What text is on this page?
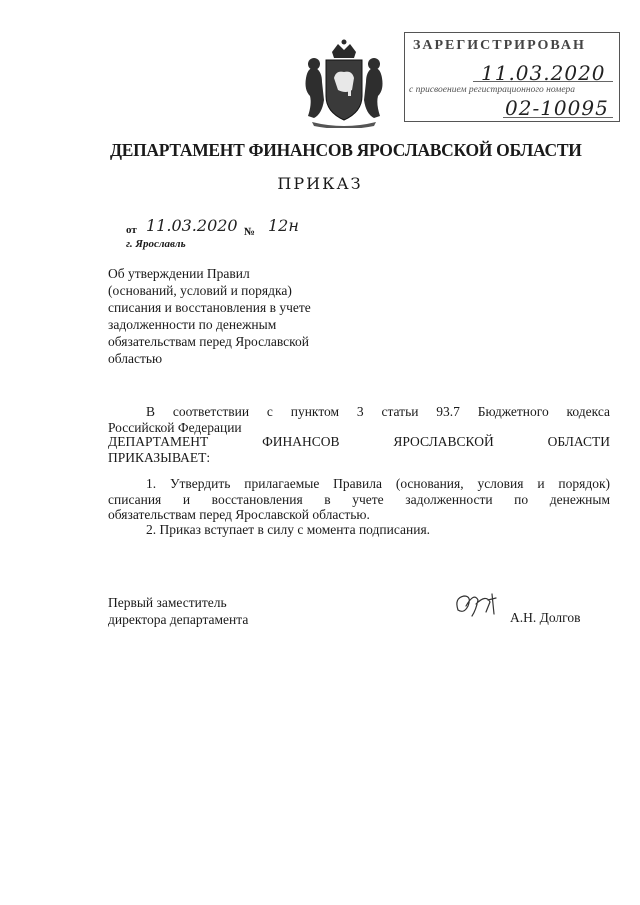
ЗАРЕГИСТРИРОВАН
11.03.2020
с присвоением регистрационного номера
02-10095
ДЕПАРТАМЕНТ ФИНАНСОВ ЯРОСЛАВСКОЙ ОБЛАСТИ
ПРИКАЗ
от 11.03.2020 № 12н
г. Ярославль
Об утверждении Правил
(оснований, условий и порядка)
списания и восстановления в учете
задолженности по денежным
обязательствам перед Ярославской
областью
В соответствии с пунктом 3 статьи 93.7 Бюджетного кодекса
Российской Федерации
ДЕПАРТАМЕНТ ФИНАНСОВ ЯРОСЛАВСКОЙ ОБЛАСТИ
ПРИКАЗЫВАЕТ:
1. Утвердить прилагаемые Правила (основания, условия и порядок)
списания и восстановления в учете задолженности по денежным
обязательствам перед Ярославской областью.
2. Приказ вступает в силу с момента подписания.
Первый заместитель
директора департамента	А.Н. Долгов
